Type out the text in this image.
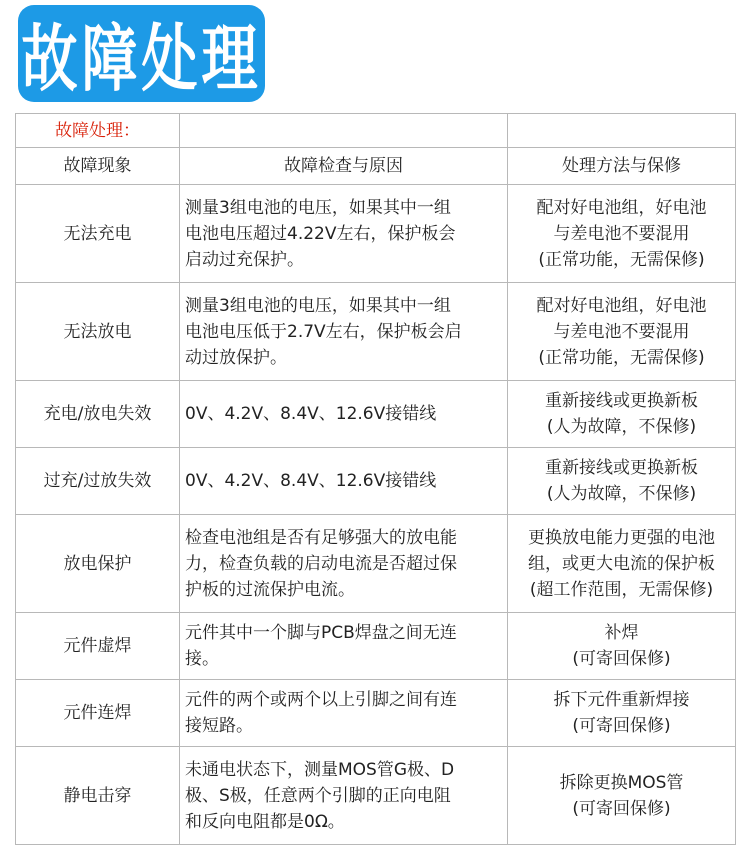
故障处理
故障处理：		
故障现象	故障检查与原因	处理方法与保修
无法充电	测量3组电池的电压，如果其中一组
电池电压超过4.22V左右，保护板会
启动过充保护。	配对好电池组，好电池
与差电池不要混用
(正常功能，无需保修)

无法放电	测量3组电池的电压，如果其中一组
电池电压低于2.7V左右，保护板会启
动过放保护。	配对好电池组，好电池
与差电池不要混用
(正常功能，无需保修)

充电/放电失效	0V、4.2V、8.4V、12.6V接错线	重新接线或更换新板
(人为故障，不保修)

过充/过放失效	0V、4.2V、8.4V、12.6V接错线	重新接线或更换新板
(人为故障，不保修)

放电保护	检查电池组是否有足够强大的放电能
力，检查负载的启动电流是否超过保
护板的过流保护电流。	更换放电能力更强的电池
组，或更大电流的保护板
(超工作范围，无需保修)

元件虚焊	元件其中一个脚与PCB焊盘之间无连
接。	补焊
(可寄回保修)

元件连焊	元件的两个或两个以上引脚之间有连
接短路。	拆下元件重新焊接
(可寄回保修)

静电击穿	未通电状态下，测量MOS管G极、D
极、S极，任意两个引脚的正向电阻
和反向电阻都是0Ω。	拆除更换MOS管
(可寄回保修)
